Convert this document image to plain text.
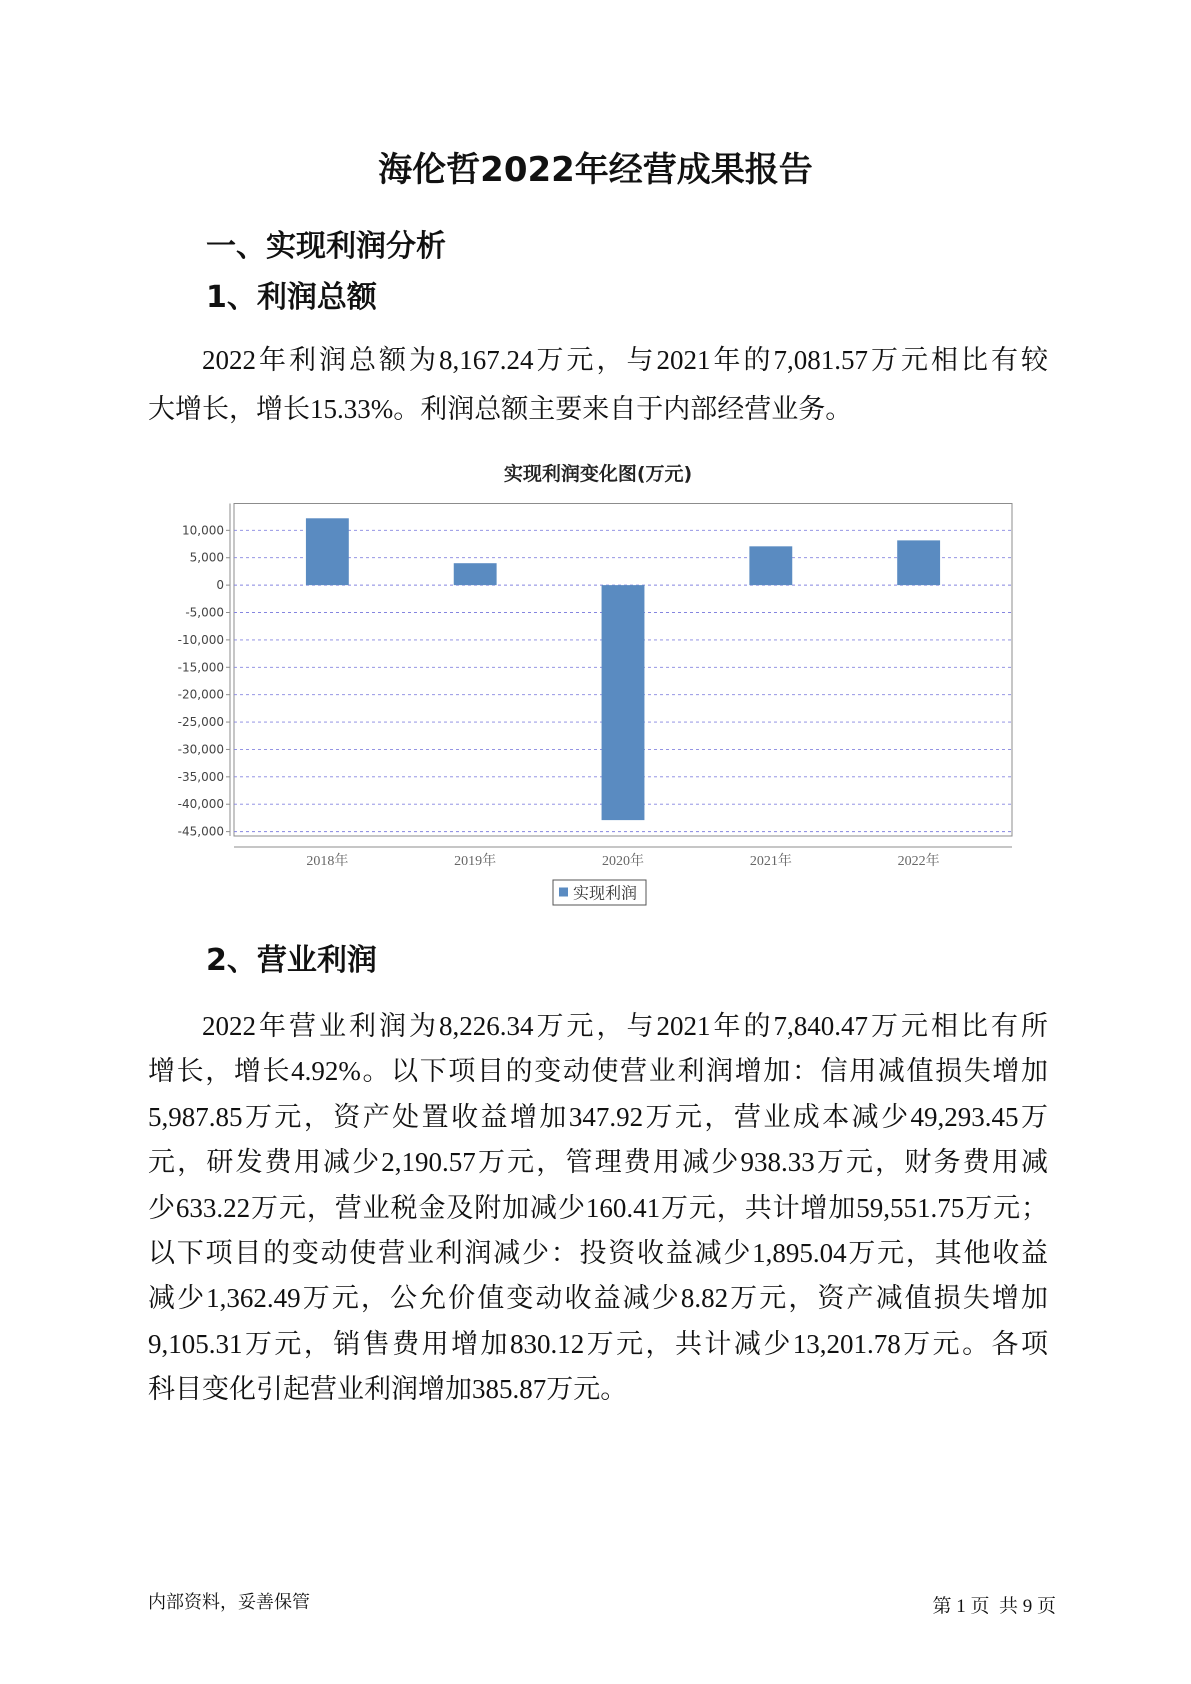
海伦哲2022年经营成果报告
一、实现利润分析
1、利润总额
2022年利润总额为8,167.24万元，与2021年的7,081.57万元相比有较
大增长，增长15.33%。利润总额主要来自于内部经营业务。
实现利润变化图(万元)
10,000
5,000
0
-5,000
-10,000
-15,000
-20,000
-25,000
-30,000
-35,000
-40,000
-45,000
2018年	2019年	2020年	2021年	2022年
实现利润
2、营业利润
2022年营业利润为8,226.34万元，与2021年的7,840.47万元相比有所
增长，增长4.92%。以下项目的变动使营业利润增加：信用减值损失增加
5,987.85万元，资产处置收益增加347.92万元，营业成本减少49,293.45万
元，研发费用减少2,190.57万元，管理费用减少938.33万元，财务费用减
少633.22万元，营业税金及附加减少160.41万元，共计增加59,551.75万元；
以下项目的变动使营业利润减少：投资收益减少1,895.04万元，其他收益
减少1,362.49万元，公允价值变动收益减少8.82万元，资产减值损失增加
9,105.31万元，销售费用增加830.12万元，共计减少13,201.78万元。各项
科目变化引起营业利润增加385.87万元。
内部资料，妥善保管	第 1 页  共 9 页
